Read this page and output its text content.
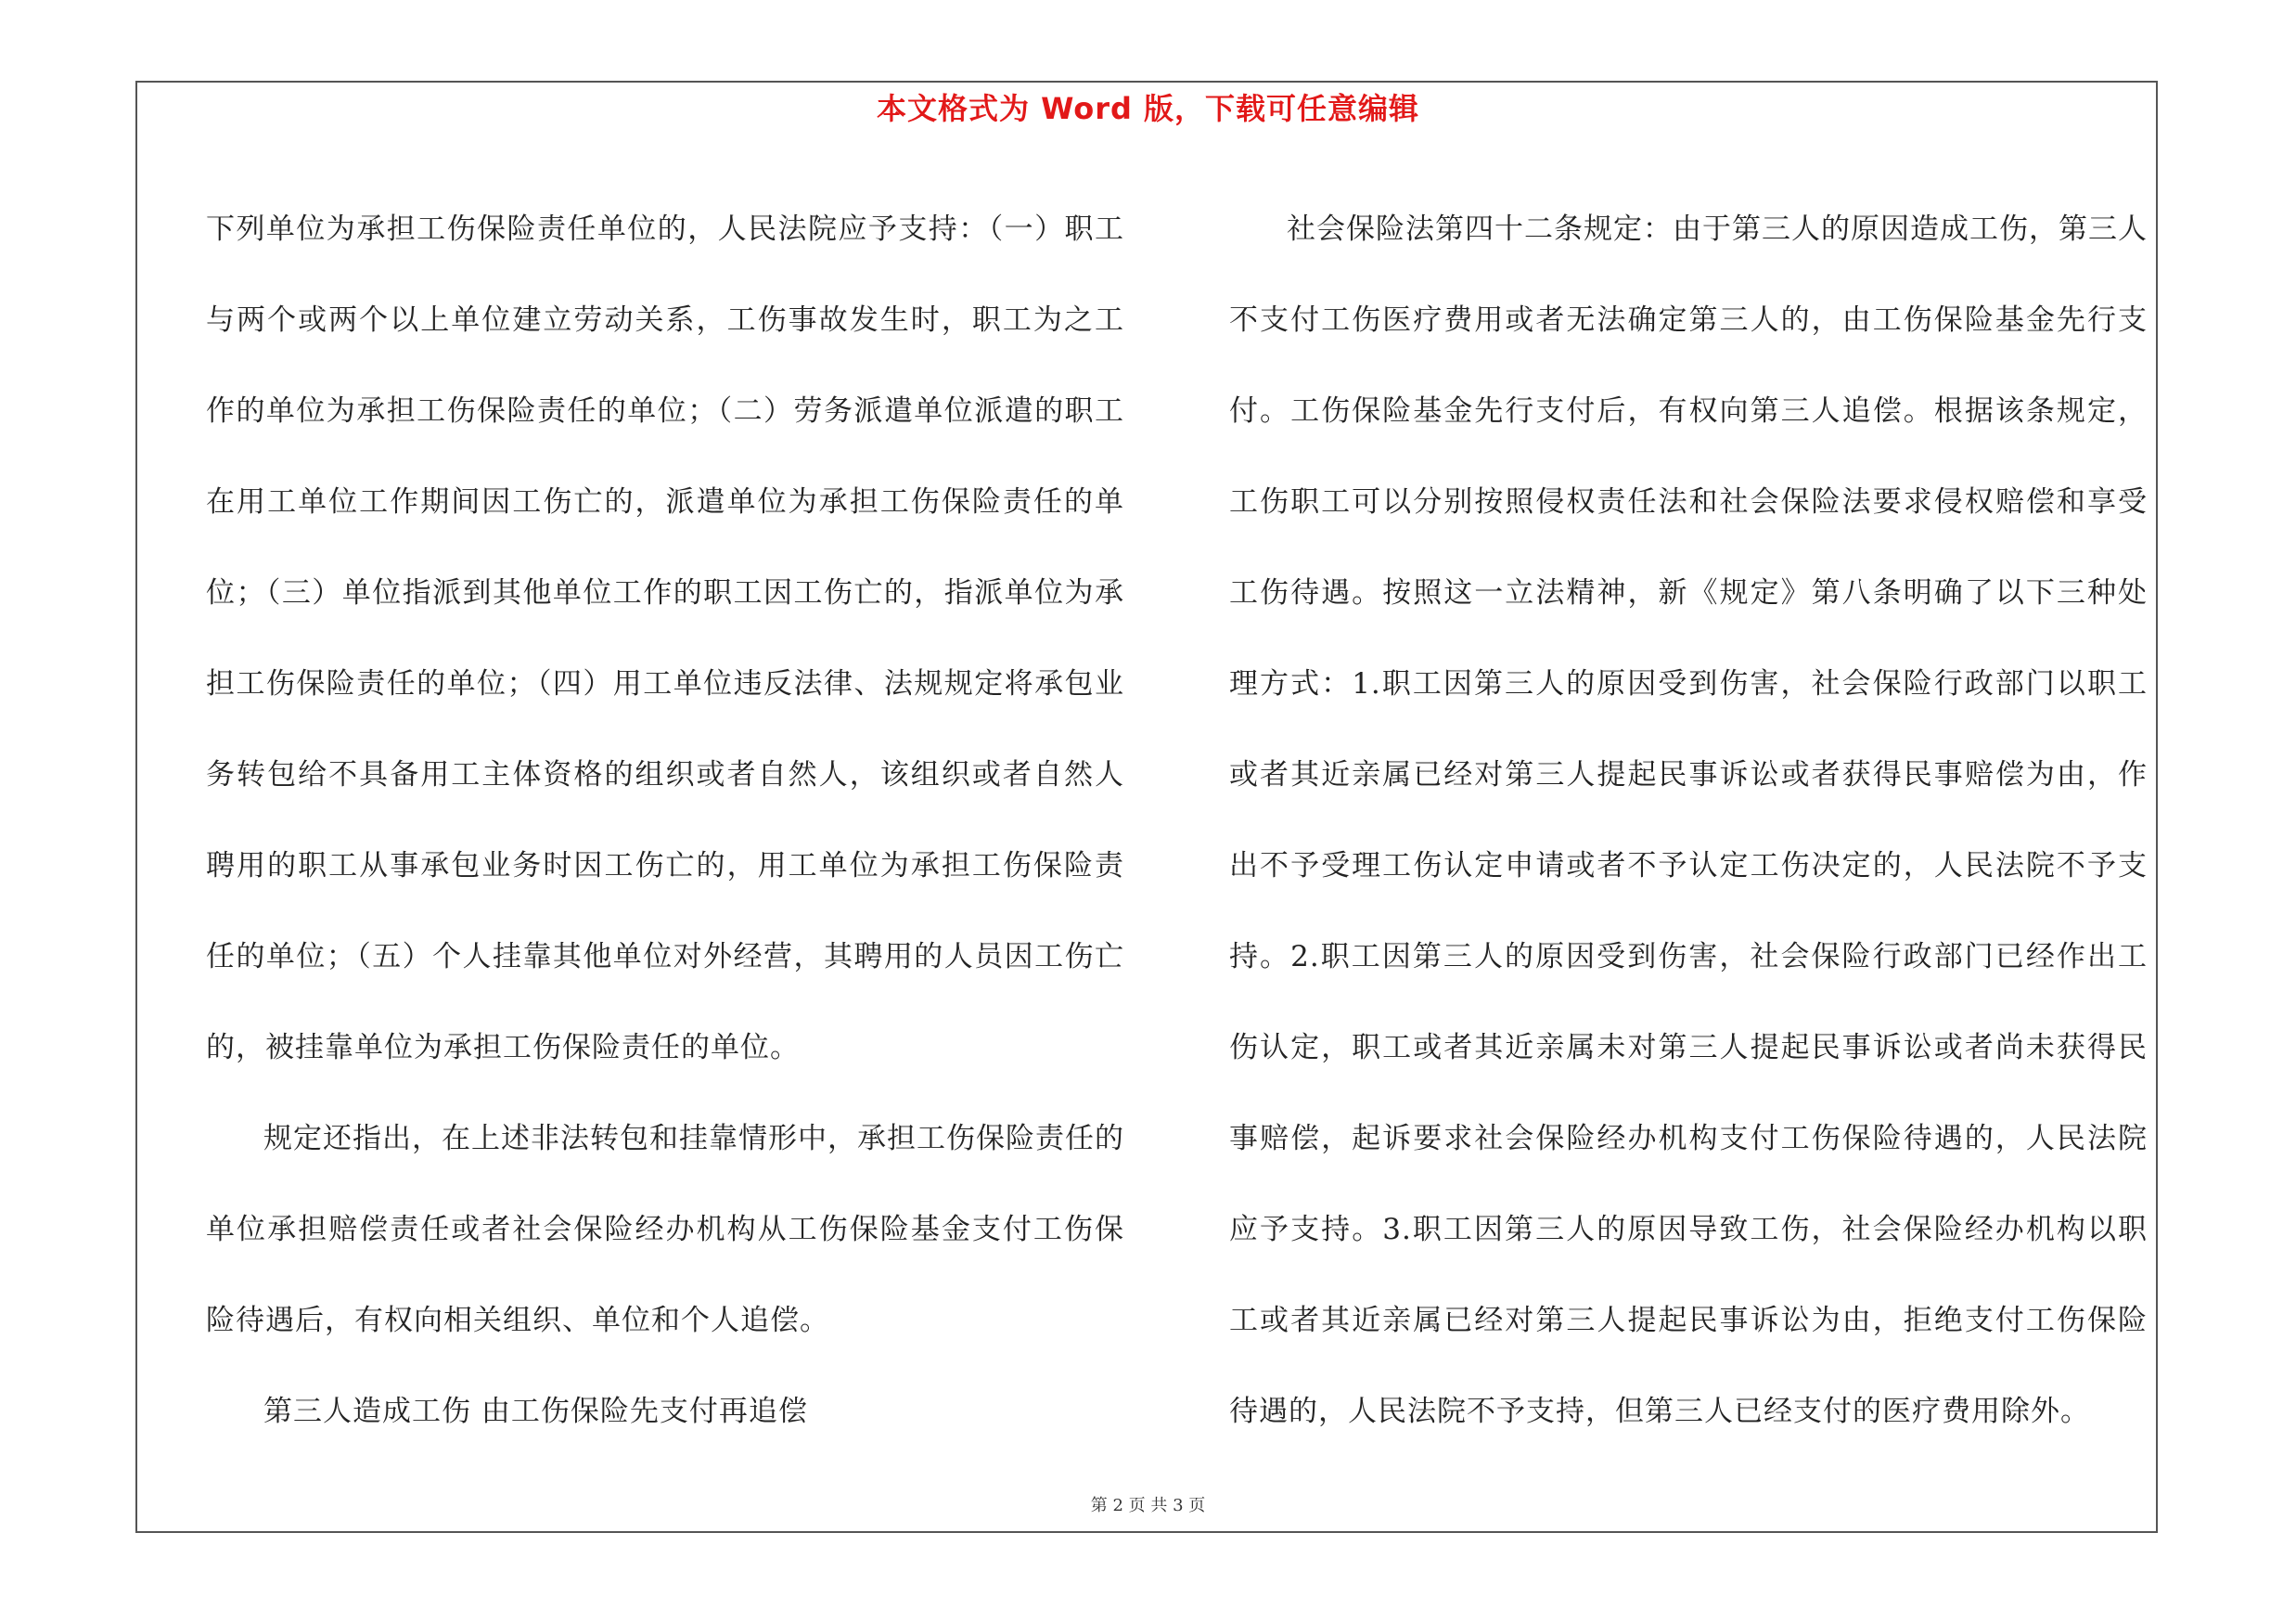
本文格式为 Word 版，下载可任意编辑

下列单位为承担工伤保险责任单位的，人民法院应予支持：（一）职工与两个或两个以上单位建立劳动关系，工伤事故发生时，职工为之工作的单位为承担工伤保险责任的单位；（二）劳务派遣单位派遣的职工在用工单位工作期间因工伤亡的，派遣单位为承担工伤保险责任的单位；（三）单位指派到其他单位工作的职工因工伤亡的，指派单位为承担工伤保险责任的单位；（四）用工单位违反法律、法规规定将承包业务转包给不具备用工主体资格的组织或者自然人，该组织或者自然人聘用的职工从事承包业务时因工伤亡的，用工单位为承担工伤保险责任的单位；（五）个人挂靠其他单位对外经营，其聘用的人员因工伤亡的，被挂靠单位为承担工伤保险责任的单位。

规定还指出，在上述非法转包和挂靠情形中，承担工伤保险责任的单位承担赔偿责任或者社会保险经办机构从工伤保险基金支付工伤保险待遇后，有权向相关组织、单位和个人追偿。

第三人造成工伤 由工伤保险先支付再追偿

社会保险法第四十二条规定：由于第三人的原因造成工伤，第三人不支付工伤医疗费用或者无法确定第三人的，由工伤保险基金先行支付。工伤保险基金先行支付后，有权向第三人追偿。根据该条规定，工伤职工可以分别按照侵权责任法和社会保险法要求侵权赔偿和享受工伤待遇。按照这一立法精神，新《规定》第八条明确了以下三种处理方式：1.职工因第三人的原因受到伤害，社会保险行政部门以职工或者其近亲属已经对第三人提起民事诉讼或者获得民事赔偿为由，作出不予受理工伤认定申请或者不予认定工伤决定的，人民法院不予支持。2.职工因第三人的原因受到伤害，社会保险行政部门已经作出工伤认定，职工或者其近亲属未对第三人提起民事诉讼或者尚未获得民事赔偿，起诉要求社会保险经办机构支付工伤保险待遇的，人民法院应予支持。3.职工因第三人的原因导致工伤，社会保险经办机构以职工或者其近亲属已经对第三人提起民事诉讼为由，拒绝支付工伤保险待遇的，人民法院不予支持，但第三人已经支付的医疗费用除外。

第 2 页 共 3 页
